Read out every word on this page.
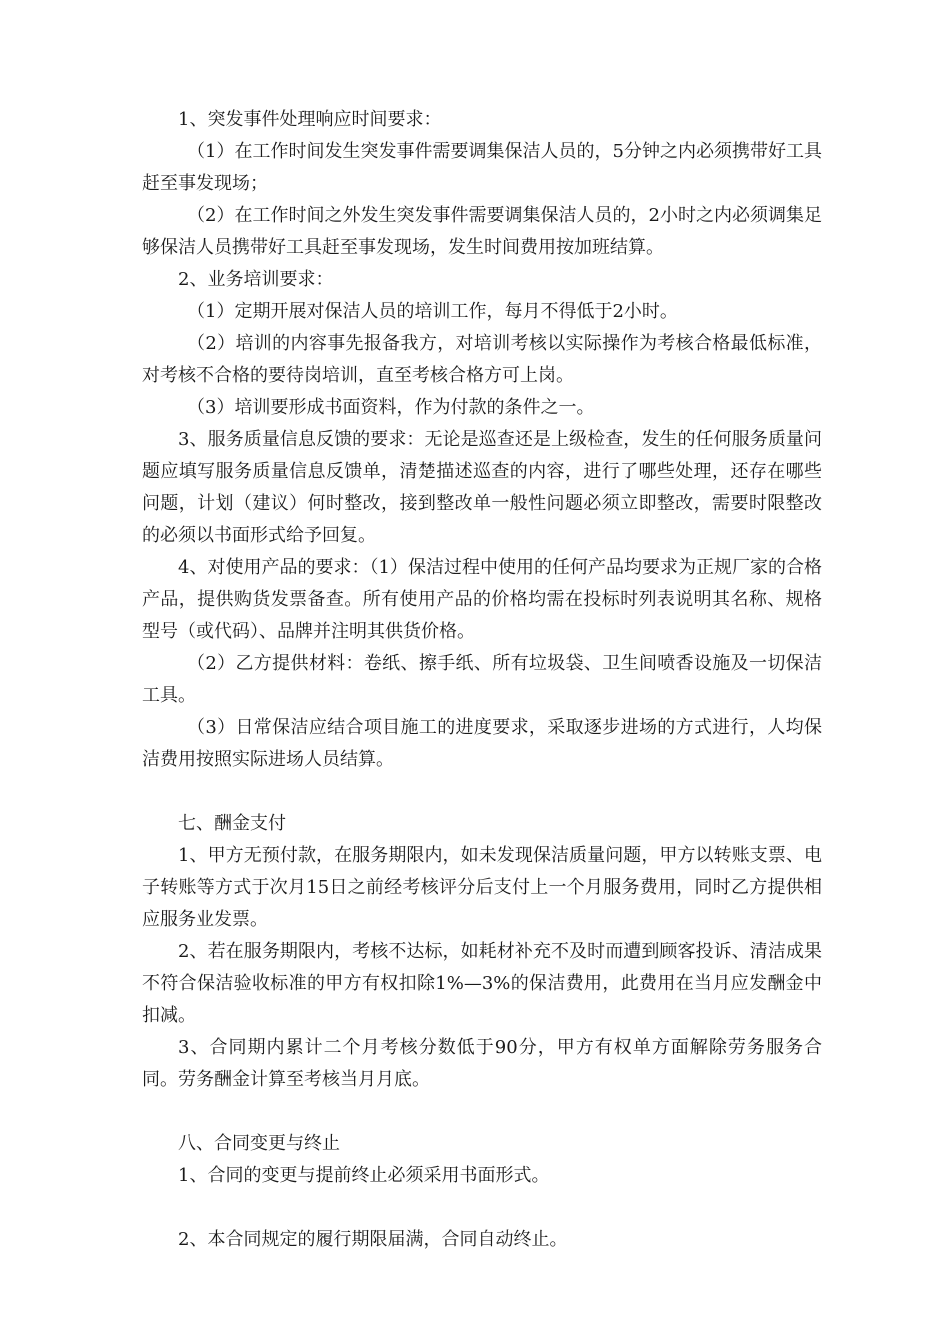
1、突发事件处理响应时间要求：

（1）在工作时间发生突发事件需要调集保洁人员的，5分钟之内必须携带好工具赶至事发现场；

（2）在工作时间之外发生突发事件需要调集保洁人员的，2小时之内必须调集足够保洁人员携带好工具赶至事发现场，发生时间费用按加班结算。

2、业务培训要求：

（1）定期开展对保洁人员的培训工作，每月不得低于2小时。

（2）培训的内容事先报备我方，对培训考核以实际操作为考核合格最低标准，对考核不合格的要待岗培训，直至考核合格方可上岗。

（3）培训要形成书面资料，作为付款的条件之一。

3、服务质量信息反馈的要求：无论是巡查还是上级检查，发生的任何服务质量问题应填写服务质量信息反馈单，清楚描述巡查的内容，进行了哪些处理，还存在哪些问题，计划（建议）何时整改，接到整改单一般性问题必须立即整改，需要时限整改的必须以书面形式给予回复。

4、对使用产品的要求：（1）保洁过程中使用的任何产品均要求为正规厂家的合格产品，提供购货发票备查。所有使用产品的价格均需在投标时列表说明其名称、规格型号（或代码）、品牌并注明其供货价格。

（2）乙方提供材料：卷纸、擦手纸、所有垃圾袋、卫生间喷香设施及一切保洁工具。

（3）日常保洁应结合项目施工的进度要求，采取逐步进场的方式进行，人均保洁费用按照实际进场人员结算。

七、酬金支付

1、甲方无预付款，在服务期限内，如未发现保洁质量问题，甲方以转账支票、电子转账等方式于次月15日之前经考核评分后支付上一个月服务费用，同时乙方提供相应服务业发票。

2、若在服务期限内，考核不达标，如耗材补充不及时而遭到顾客投诉、清洁成果不符合保洁验收标准的甲方有权扣除1%—3%的保洁费用，此费用在当月应发酬金中扣减。

3、合同期内累计二个月考核分数低于90分，甲方有权单方面解除劳务服务合同。劳务酬金计算至考核当月月底。

八、合同变更与终止

1、合同的变更与提前终止必须采用书面形式。

2、本合同规定的履行期限届满，合同自动终止。
